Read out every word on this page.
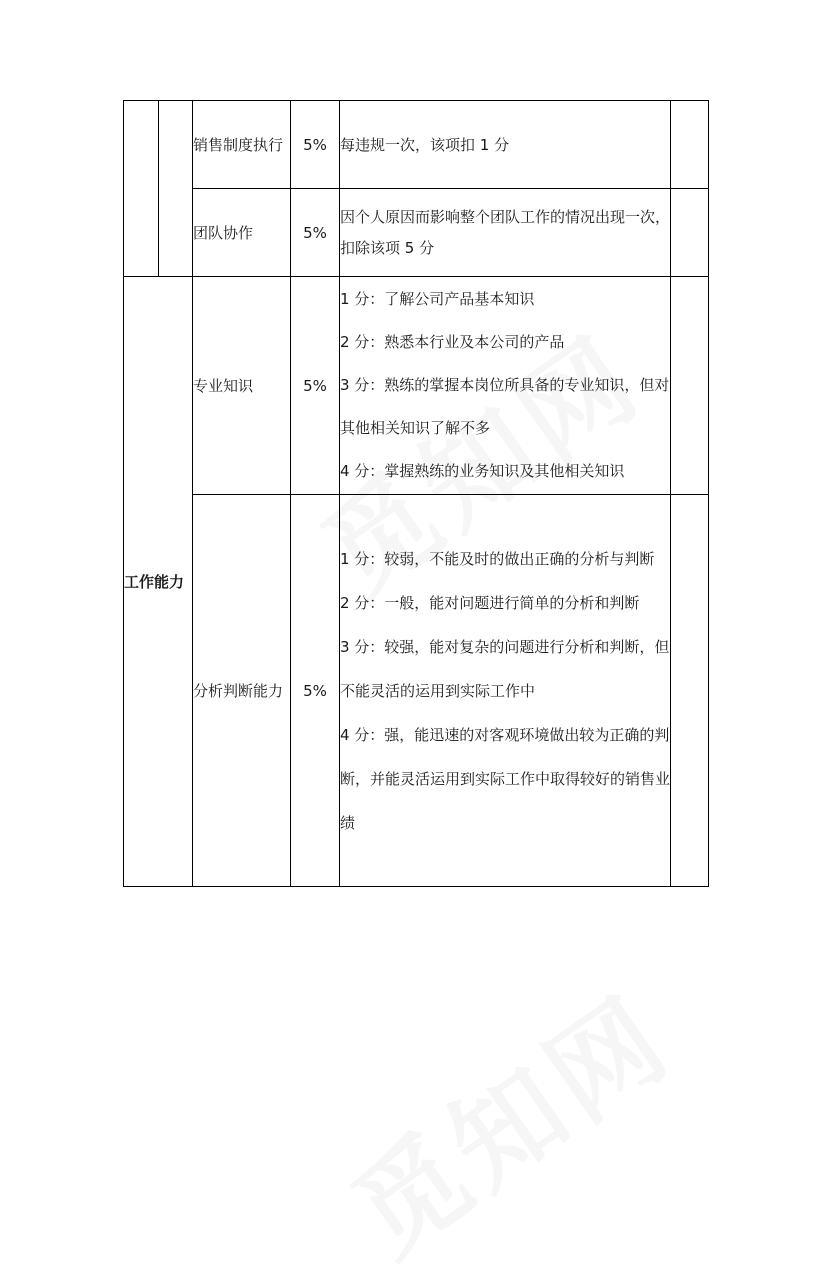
		销售制度执行	5%	每违规一次，该项扣 1 分	

		团队协作	5%	因个人原因而影响整个团队工作的情况出现一次，扣除该项 5 分	

工作能力		专业知识	5%	1 分：了解公司产品基本知识

2 分：熟悉本行业及本公司的产品

3 分：熟练的掌握本岗位所具备的专业知识，但对其他相关知识了解不多

4 分：掌握熟练的业务知识及其他相关知识	

		分析判断能力	5%	1 分：较弱，不能及时的做出正确的分析与判断

2 分：一般，能对问题进行简单的分析和判断

3 分：较强，能对复杂的问题进行分析和判断，但不能灵活的运用到实际工作中

4 分：强，能迅速的对客观环境做出较为正确的判断，并能灵活运用到实际工作中取得较好的销售业绩	
